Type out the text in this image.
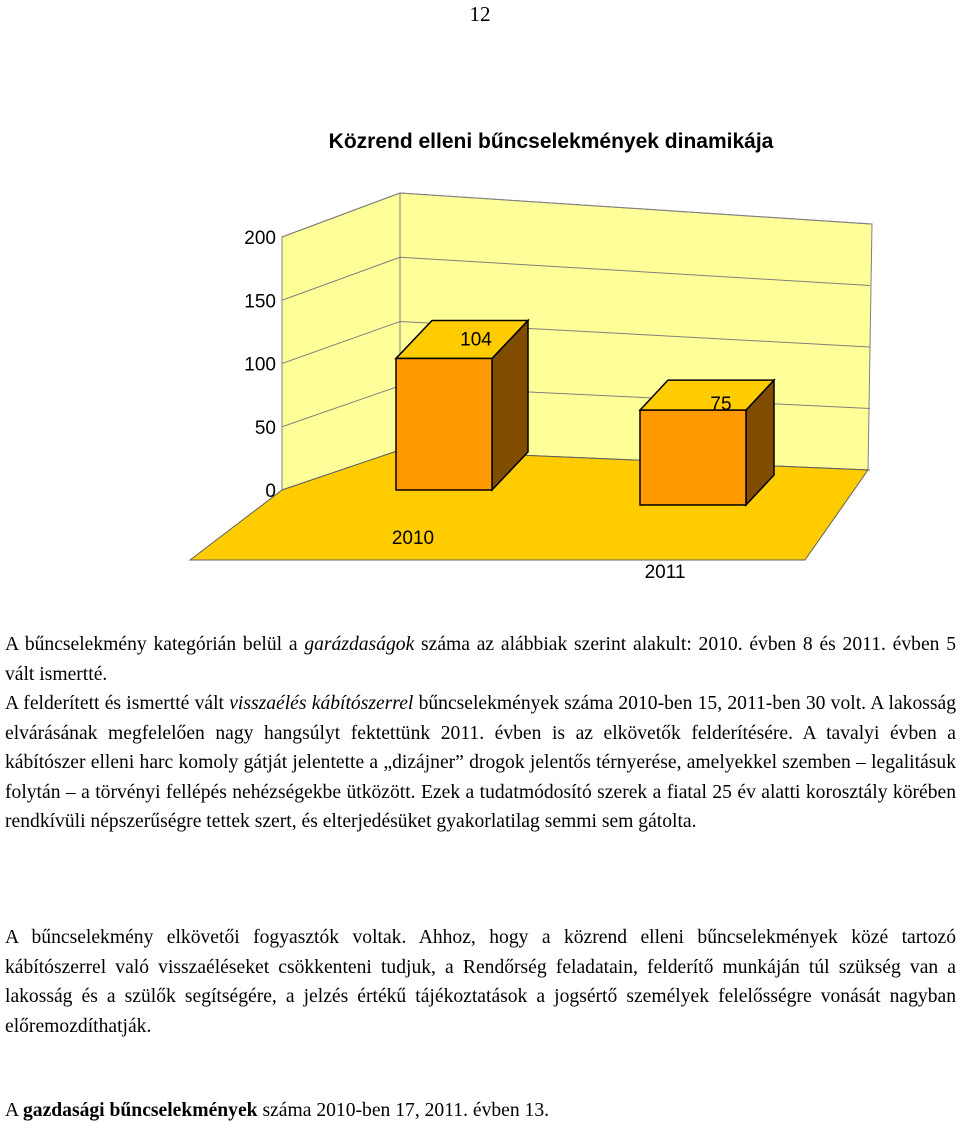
12
Közrend elleni bűncselekmények dinamikája
0
50
100
150
200
104
75
2010
2011

A bűncselekmény kategórián belül a garázdaságok száma az alábbiak szerint alakult: 2010. évben 8 és 2011. évben 5 vált ismertté.
A felderített és ismertté vált visszaélés kábítószerrel bűncselekmények száma 2010-ben 15, 2011-ben 30 volt. A lakosság elvárásának megfelelően nagy hangsúlyt fektettünk 2011. évben is az elkövetők felderítésére. A tavalyi évben a kábítószer elleni harc komoly gátját jelentette a „dizájner” drogok jelentős térnyerése, amelyekkel szemben – legalitásuk folytán – a törvényi fellépés nehézségekbe ütközött. Ezek a tudatmódosító szerek a fiatal 25 év alatti korosztály körében rendkívüli népszerűségre tettek szert, és elterjedésüket gyakorlatilag semmi sem gátolta.

A bűncselekmény elkövetői fogyasztók voltak. Ahhoz, hogy a közrend elleni bűncselekmények közé tartozó kábítószerrel való visszaéléseket csökkenteni tudjuk, a Rendőrség feladatain, felderítő munkáján túl szükség van a lakosság és a szülők segítségére, a jelzés értékű tájékoztatások a jogsértő személyek felelősségre vonását nagyban előremozdíthatják.

A gazdasági bűncselekmények száma 2010-ben 17, 2011. évben 13.
